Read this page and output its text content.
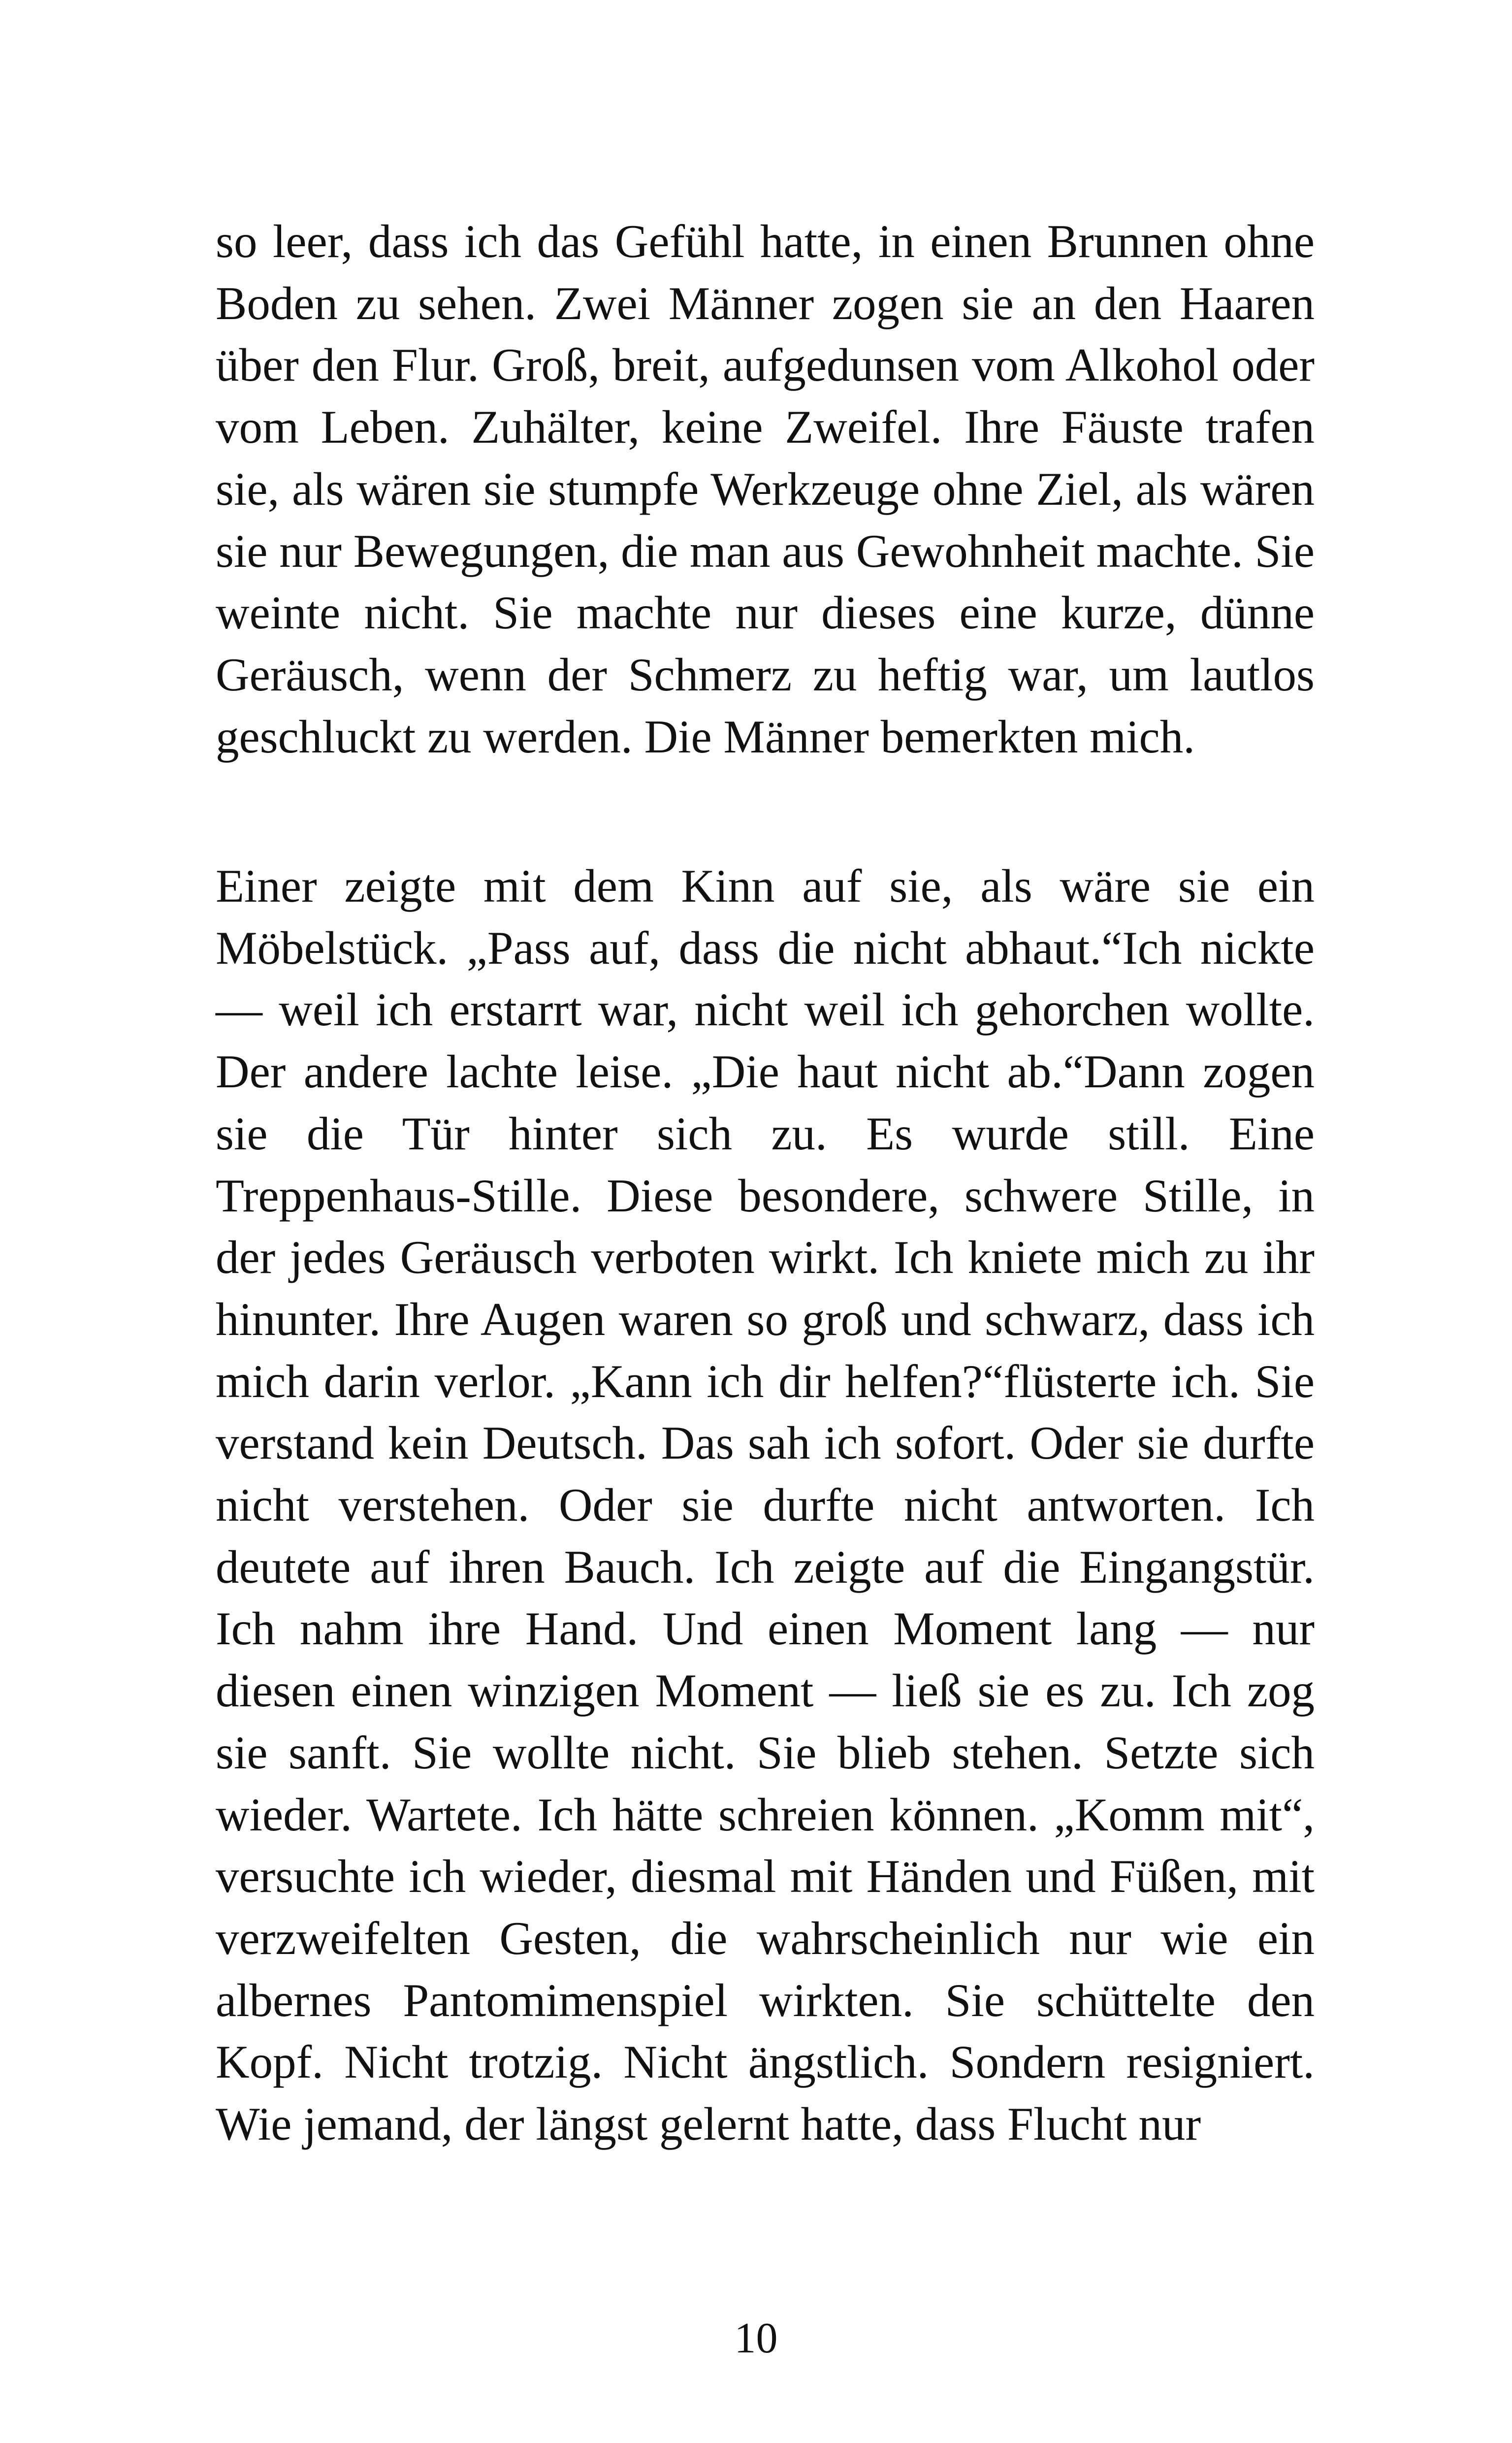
so leer, dass ich das Gefühl hatte, in einen Brunnen ohne Boden zu sehen. Zwei Männer zogen sie an den Haaren über den Flur. Groß, breit, aufgedunsen vom Alkohol oder vom Leben. Zuhälter, keine Zweifel. Ihre Fäuste trafen sie, als wären sie stumpfe Werkzeuge ohne Ziel, als wären sie nur Bewegungen, die man aus Gewohnheit machte. Sie weinte nicht. Sie machte nur dieses eine kurze, dünne Geräusch, wenn der Schmerz zu heftig war, um lautlos geschluckt zu werden. Die Männer bemerkten mich.

Einer zeigte mit dem Kinn auf sie, als wäre sie ein Möbelstück. „Pass auf, dass die nicht abhaut.“Ich nickte — weil ich erstarrt war, nicht weil ich gehorchen wollte. Der andere lachte leise. „Die haut nicht ab.“Dann zogen sie die Tür hinter sich zu. Es wurde still. Eine Treppenhaus-Stille. Diese besondere, schwere Stille, in der jedes Geräusch verboten wirkt. Ich kniete mich zu ihr hinunter. Ihre Augen waren so groß und schwarz, dass ich mich darin verlor. „Kann ich dir helfen?“flüsterte ich. Sie verstand kein Deutsch. Das sah ich sofort. Oder sie durfte nicht verstehen. Oder sie durfte nicht antworten. Ich deutete auf ihren Bauch. Ich zeigte auf die Eingangstür. Ich nahm ihre Hand. Und einen Moment lang — nur diesen einen winzigen Moment — ließ sie es zu. Ich zog sie sanft. Sie wollte nicht. Sie blieb stehen. Setzte sich wieder. Wartete. Ich hätte schreien können. „Komm mit“, versuchte ich wieder, diesmal mit Händen und Füßen, mit verzweifelten Gesten, die wahrscheinlich nur wie ein albernes Pantomimenspiel wirkten. Sie schüttelte den Kopf. Nicht trotzig. Nicht ängstlich. Sondern resigniert. Wie jemand, der längst gelernt hatte, dass Flucht nur

10
